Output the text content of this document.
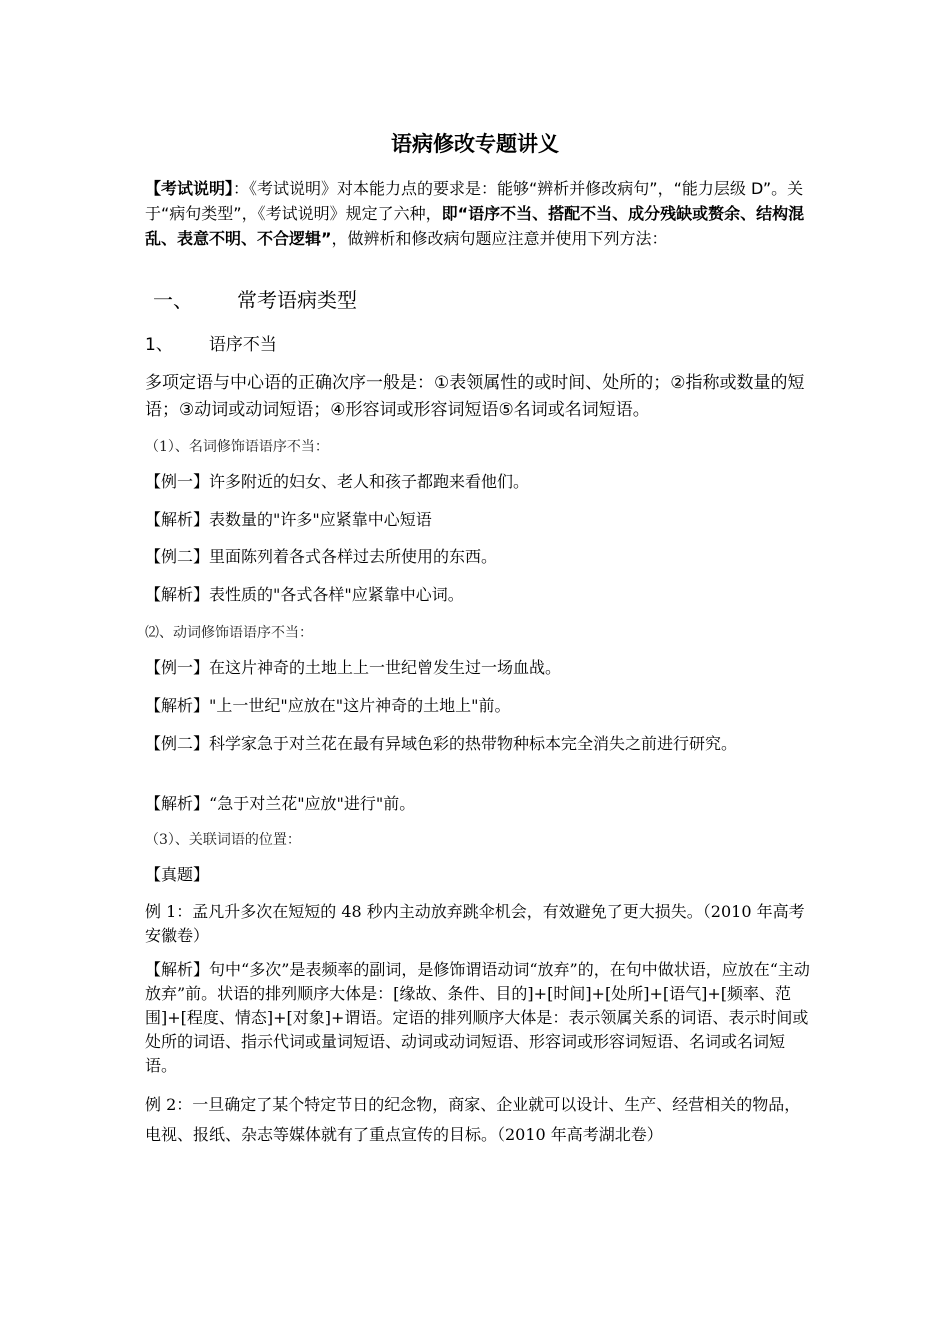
语病修改专题讲义

【考试说明】：《考试说明》对本能力点的要求是：能够“辨析并修改病句”，“能力层级 D”。关于“病句类型”，《考试说明》规定了六种，即“语序不当、搭配不当、成分残缺或赘余、结构混乱、表意不明、不合逻辑”，做辨析和修改病句题应注意并使用下列方法：

一、 常考语病类型
1、 语序不当

多项定语与中心语的正确次序一般是：①表领属性的或时间、处所的；②指称或数量的短语；③动词或动词短语；④形容词或形容词短语⑤名词或名词短语。

（1）、名词修饰语语序不当：
【例一】许多附近的妇女、老人和孩子都跑来看他们。
【解析】表数量的"许多"应紧靠中心短语
【例二】里面陈列着各式各样过去所使用的东西。
【解析】表性质的"各式各样"应紧靠中心词。
⑵、动词修饰语语序不当：
【例一】在这片神奇的土地上上一世纪曾发生过一场血战。
【解析】"上一世纪"应放在"这片神奇的土地上"前。
【例二】科学家急于对兰花在最有异域色彩的热带物种标本完全消失之前进行研究。
【解析】“急于对兰花"应放"进行"前。
（3）、关联词语的位置：
【真题】

例 1：孟凡升多次在短短的 48 秒内主动放弃跳伞机会，有效避免了更大损失。（2010 年高考安徽卷）

【解析】句中“多次”是表频率的副词，是修饰谓语动词“放弃”的，在句中做状语，应放在“主动放弃”前。状语的排列顺序大体是：[缘故、条件、目的]+[时间]+[处所]+[语气]+[频率、范围]+[程度、情态]+[对象]+谓语。定语的排列顺序大体是：表示领属关系的词语、表示时间或处所的词语、指示代词或量词短语、动词或动词短语、形容词或形容词短语、名词或名词短语。

例 2：一旦确定了某个特定节日的纪念物，商家、企业就可以设计、生产、经营相关的物品，电视、报纸、杂志等媒体就有了重点宣传的目标。（2010 年高考湖北卷）
